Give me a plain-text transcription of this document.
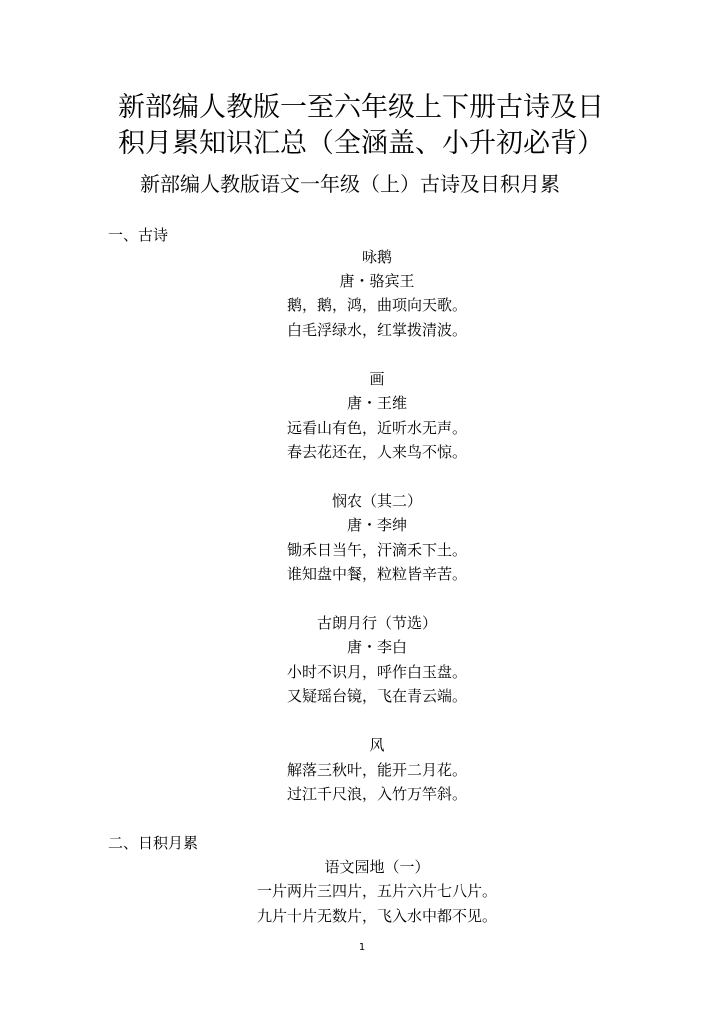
新部编人教版一至六年级上下册古诗及日
积月累知识汇总（全涵盖、小升初必背）
新部编人教版语文一年级（上）古诗及日积月累
一、古诗
咏鹅
唐・骆宾王
鹅，鹅，鸿，曲项向天歌。
白毛浮绿水，红掌拨清波。
画
唐・王维
远看山有色，近听水无声。
春去花还在，人来鸟不惊。
悯农（其二）
唐・李绅
锄禾日当午，汗滴禾下土。
谁知盘中餐，粒粒皆辛苦。
古朗月行（节选）
唐・李白
小时不识月，呼作白玉盘。
又疑瑶台镜，飞在青云端。
风
解落三秋叶，能开二月花。
过江千尺浪，入竹万竿斜。
二、日积月累
语文园地（一）
一片两片三四片，五片六片七八片。
九片十片无数片，飞入水中都不见。
1
